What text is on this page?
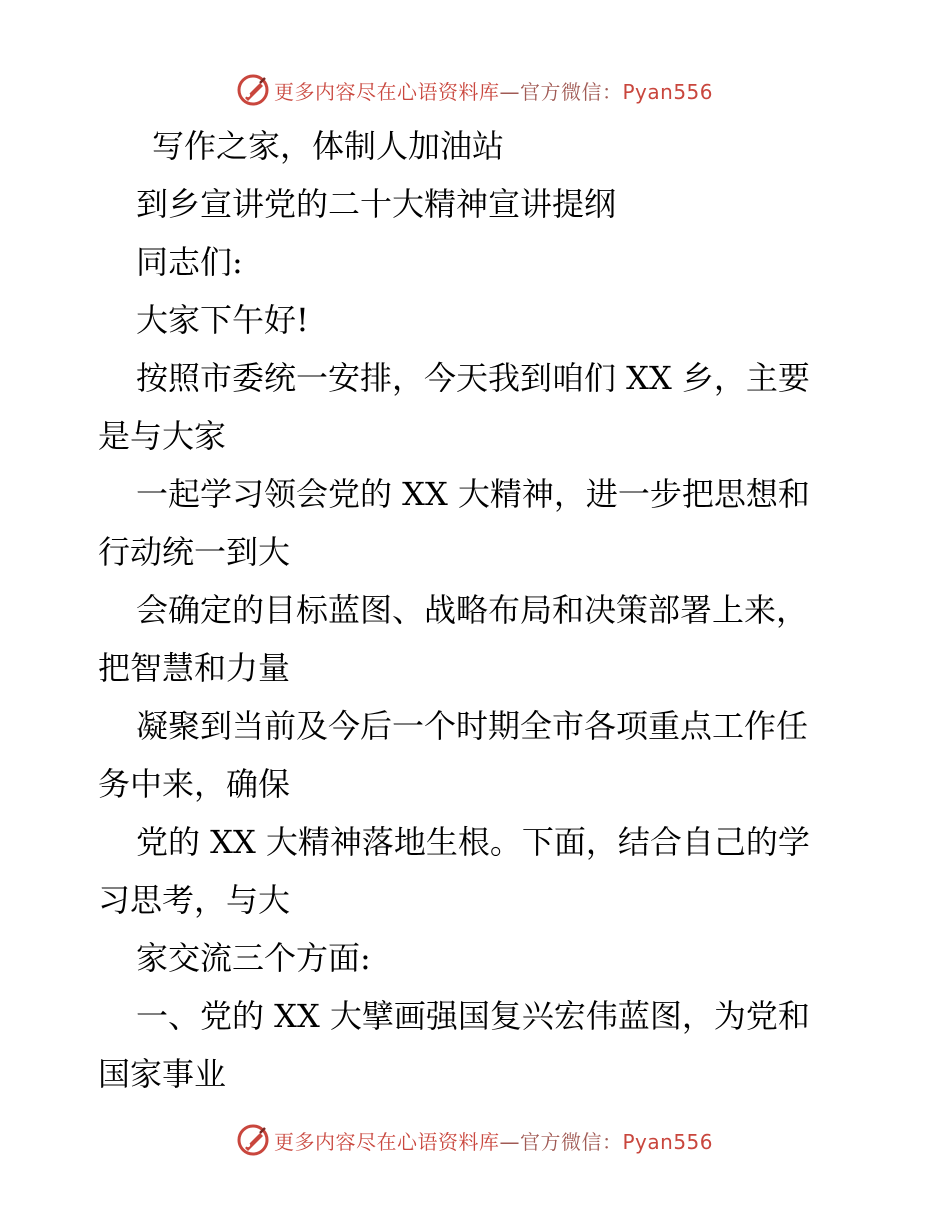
更多内容尽在心语资料库—官方微信：Pyan556
写作之家，体制人加油站
到乡宣讲党的二十大精神宣讲提纲
同志们:
大家下午好!
按照市委统一安排，今天我到咱们 XX 乡，主要
是与大家
一起学习领会党的 XX 大精神，进一步把思想和
行动统一到大
会确定的目标蓝图、战略布局和决策部署上来，
把智慧和力量
凝聚到当前及今后一个时期全市各项重点工作任
务中来，确保
党的 XX 大精神落地生根。下面，结合自己的学
习思考，与大
家交流三个方面:
一、党的 XX 大擘画强国复兴宏伟蓝图，为党和
国家事业
更多内容尽在心语资料库—官方微信：Pyan556
